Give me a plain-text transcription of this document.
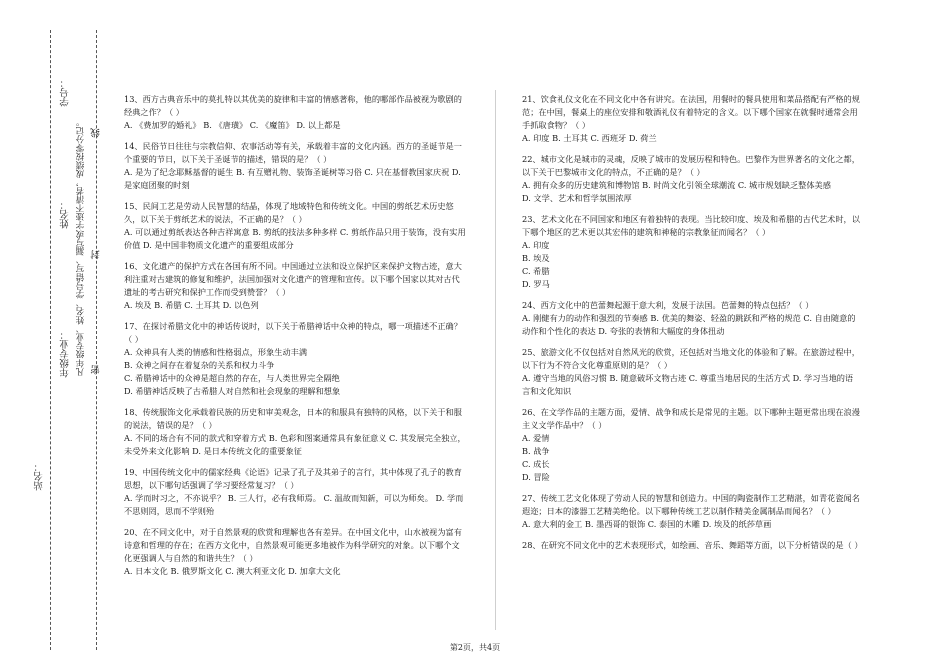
密
封
线
站名：
年级专业： 凡年级专业、姓名、学号错写、漏写或字迹不清者，成绩按零分记。
姓名：
学号：	13、西方古典音乐中的莫扎特以其优美的旋律和丰富的情感著称，他的哪部作品被视为歌剧的经典之作？（ ）

A. 《费加罗的婚礼》 B. 《唐璜》 C. 《魔笛》 D. 以上都是

14、民俗节日往往与宗教信仰、农事活动等有关，承载着丰富的文化内涵。西方的圣诞节是一个重要的节日，以下关于圣诞节的描述，错误的是？（ ）

A. 是为了纪念耶稣基督的诞生 B. 有互赠礼物、装饰圣诞树等习俗 C. 只在基督教国家庆祝 D. 是家庭团聚的时刻

15、民间工艺是劳动人民智慧的结晶，体现了地域特色和传统文化。中国的剪纸艺术历史悠久，以下关于剪纸艺术的说法，不正确的是？（ ）

A. 可以通过剪纸表达各种吉祥寓意 B. 剪纸的技法多种多样 C. 剪纸作品只用于装饰，没有实用价值 D. 是中国非物质文化遗产的重要组成部分

16、文化遗产的保护方式在各国有所不同。中国通过立法和设立保护区来保护文物古迹，意大利注重对古建筑的修复和维护，法国加强对文化遗产的管理和宣传。以下哪个国家以其对古代遗址的考古研究和保护工作而受到赞誉？（ ）

A. 埃及 B. 希腊 C. 土耳其 D. 以色列

17、在探讨希腊文化中的神话传说时，以下关于希腊神话中众神的特点，哪一项描述不正确？（ ）

A. 众神具有人类的情感和性格弱点，形象生动丰满

B. 众神之间存在着复杂的关系和权力斗争

C. 希腊神话中的众神是超自然的存在，与人类世界完全隔绝

D. 希腊神话反映了古希腊人对自然和社会现象的理解和想象

18、传统服饰文化承载着民族的历史和审美观念，日本的和服具有独特的风格，以下关于和服的说法，错误的是？（ ）

A. 不同的场合有不同的款式和穿着方式 B. 色彩和图案通常具有象征意义 C. 其发展完全独立，未受外来文化影响 D. 是日本传统文化的重要象征

19、中国传统文化中的儒家经典《论语》记录了孔子及其弟子的言行，其中体现了孔子的教育思想，以下哪句话强调了学习要经常复习？（ ）

A. 学而时习之，不亦说乎？ B. 三人行，必有我师焉。 C. 温故而知新，可以为师矣。 D. 学而不思则罔，思而不学则殆

20、在不同文化中，对于自然景观的欣赏和理解也各有差异。在中国文化中，山水被视为富有诗意和哲理的存在；在西方文化中，自然景观可能更多地被作为科学研究的对象。以下哪个文化更强调人与自然的和谐共生？（ ）

A. 日本文化 B. 俄罗斯文化 C. 澳大利亚文化 D. 加拿大文化

21、饮食礼仪文化在不同文化中各有讲究。在法国，用餐时的餐具使用和菜品搭配有严格的规范；在中国，餐桌上的座位安排和敬酒礼仪有着特定的含义。以下哪个国家在就餐时通常会用手抓取食物？（ ）

A. 印度 B. 土耳其 C. 西班牙 D. 荷兰

22、城市文化是城市的灵魂，反映了城市的发展历程和特色。巴黎作为世界著名的文化之都，以下关于巴黎城市文化的特点，不正确的是？（ ）

A. 拥有众多的历史建筑和博物馆 B. 时尚文化引领全球潮流 C. 城市规划缺乏整体美感

D. 文学、艺术和哲学氛围浓厚

23、艺术文化在不同国家和地区有着独特的表现。当比较印度、埃及和希腊的古代艺术时，以下哪个地区的艺术更以其宏伟的建筑和神秘的宗教象征而闻名？（ ）

A. 印度

B. 埃及

C. 希腊

D. 罗马

24、西方文化中的芭蕾舞起源于意大利，发展于法国。芭蕾舞的特点包括？（ ）

A. 刚健有力的动作和强烈的节奏感 B. 优美的舞姿、轻盈的跳跃和严格的规范 C. 自由随意的动作和个性化的表达 D. 夸张的表情和大幅度的身体扭动

25、旅游文化不仅包括对自然风光的欣赏，还包括对当地文化的体验和了解。在旅游过程中，以下行为不符合文化尊重原则的是？（ ）

A. 遵守当地的风俗习惯 B. 随意破坏文物古迹 C. 尊重当地居民的生活方式 D. 学习当地的语言和文化知识

26、在文学作品的主题方面，爱情、战争和成长是常见的主题。以下哪种主题更常出现在浪漫主义文学作品中？（ ）

A. 爱情

B. 战争

C. 成长

D. 冒险

27、传统工艺文化体现了劳动人民的智慧和创造力。中国的陶瓷制作工艺精湛，如青花瓷闻名遐迩；日本的漆器工艺精美绝伦。以下哪种传统工艺以制作精美金属制品而闻名？（ ）

A. 意大利的金工 B. 墨西哥的银饰 C. 泰国的木雕 D. 埃及的纸莎草画

28、在研究不同文化中的艺术表现形式，如绘画、音乐、舞蹈等方面，以下分析错误的是（ ）

第2页，共4页
